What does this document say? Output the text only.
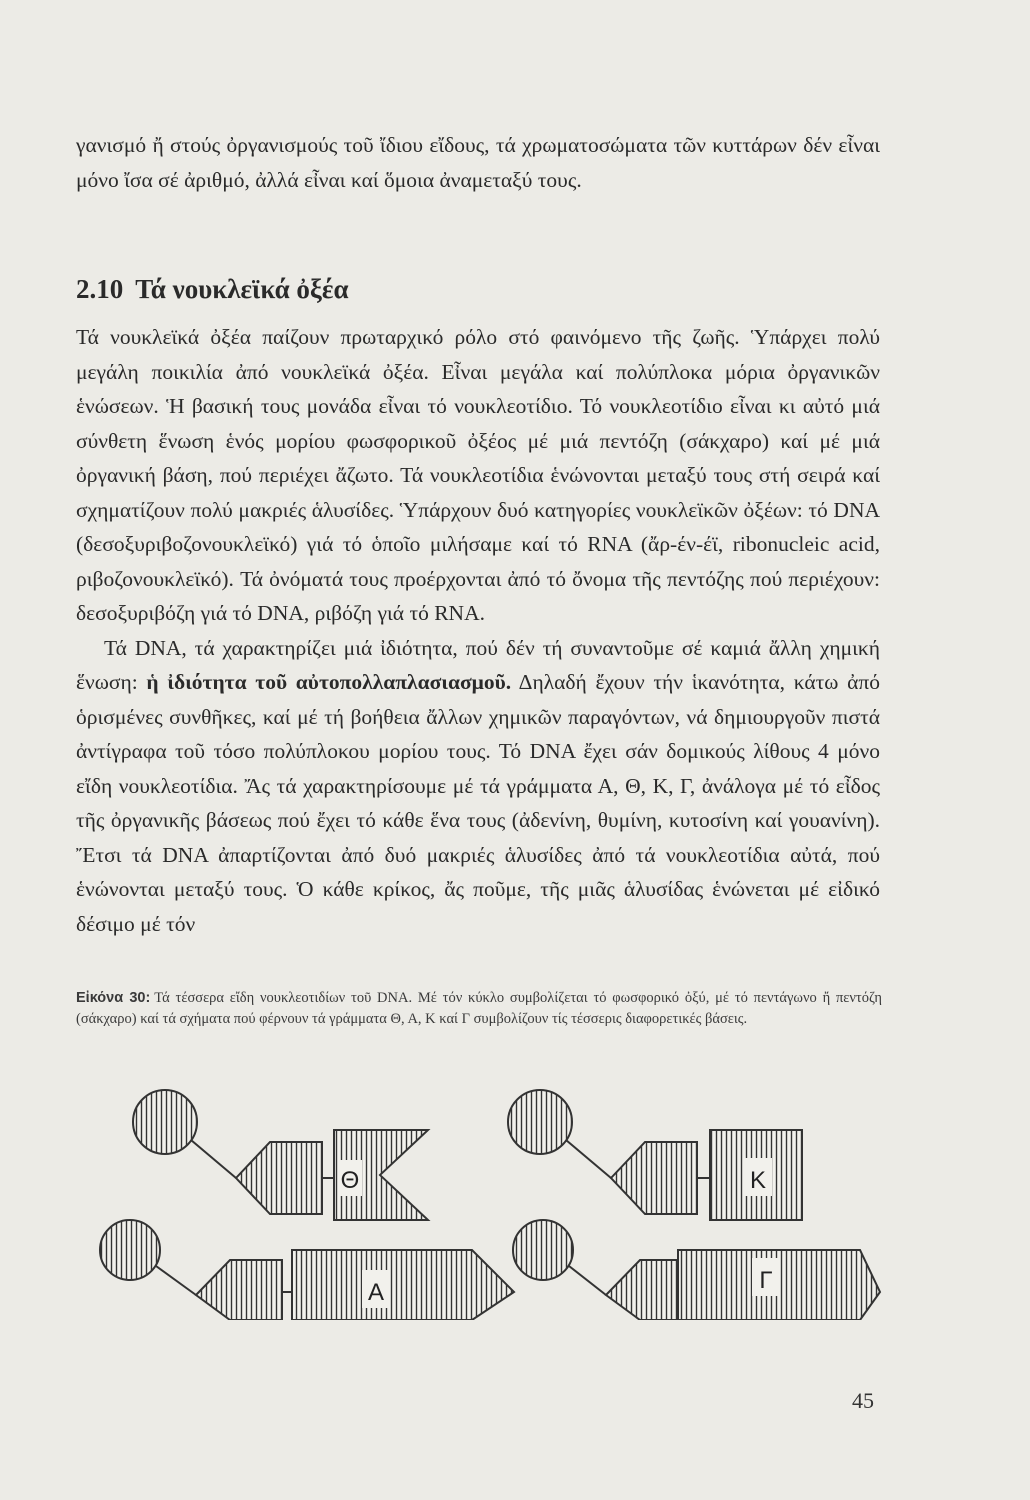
γανισμό ἤ στούς ὀργανισμούς τοῦ ἴδιου εἴδους, τά χρωματοσώματα τῶν κυττάρων δέν εἶναι μόνο ἴσα σέ ἀριθμό, ἀλλά εἶναι καί ὅμοια ἀναμεταξύ τους.

2.10 Τά νουκλεϊκά ὀξέα

Τά νουκλεϊκά ὀξέα παίζουν πρωταρχικό ρόλο στό φαινόμενο τῆς ζωῆς. Ὑπάρχει πολύ μεγάλη ποικιλία ἀπό νουκλεϊκά ὀξέα. Εἶναι μεγάλα καί πολύπλοκα μόρια ὀργανικῶν ἑνώσεων. Ἡ βασική τους μονάδα εἶναι τό νουκλεοτίδιο. Τό νουκλεοτίδιο εἶναι κι αὐτό μιά σύνθετη ἕνωση ἑνός μορίου φωσφορικοῦ ὀξέος μέ μιά πεντόζη (σάκχαρο) καί μέ μιά ὀργανική βάση, πού περιέχει ἄζωτο. Τά νουκλεοτίδια ἑνώνονται μεταξύ τους στή σειρά καί σχηματίζουν πολύ μακριές ἁλυσίδες. Ὑπάρχουν δυό κατηγορίες νουκλεϊκῶν ὀξέων: τό DNA (δεσοξυριβοζονουκλεϊκό) γιά τό ὁποῖο μιλήσαμε καί τό RNA (ἄρ-έν-έϊ, ribonucleic acid, ριβοζονουκλεϊκό). Τά ὀνόματά τους προέρχονται ἀπό τό ὄνομα τῆς πεντόζης πού περιέχουν: δεσοξυριβόζη γιά τό DNA, ριβόζη γιά τό RNA.

Τά DNA, τά χαρακτηρίζει μιά ἰδιότητα, πού δέν τή συναντοῦμε σέ καμιά ἄλλη χημική ἕνωση: ἡ ἰδιότητα τοῦ αὐτοπολλαπλασιασμοῦ. Δηλαδή ἔχουν τήν ἱκανότητα, κάτω ἀπό ὁρισμένες συνθῆκες, καί μέ τή βοήθεια ἄλλων χημικῶν παραγόντων, νά δημιουργοῦν πιστά ἀντίγραφα τοῦ τόσο πολύπλοκου μορίου τους. Τό DNA ἔχει σάν δομικούς λίθους 4 μόνο εἴδη νουκλεοτίδια. Ἄς τά χαρακτηρίσουμε μέ τά γράμματα Α, Θ, Κ, Γ, ἀνάλογα μέ τό εἶδος τῆς ὀργανικῆς βάσεως πού ἔχει τό κάθε ἕνα τους (ἀδενίνη, θυμίνη, κυτοσίνη καί γουανίνη). Ἔτσι τά DNA ἀπαρτίζονται ἀπό δυό μακριές ἁλυσίδες ἀπό τά νουκλεοτίδια αὐτά, πού ἑνώνονται μεταξύ τους. Ὁ κάθε κρίκος, ἄς ποῦμε, τῆς μιᾶς ἁλυσίδας ἑνώνεται μέ εἰδικό δέσιμο μέ τόν

Εἰκόνα 30: Τά τέσσερα εἴδη νουκλεοτιδίων τοῦ DNA. Μέ τόν κύκλο συμβολίζεται τό φωσφορικό ὀξύ, μέ τό πεντάγωνο ἤ πεντόζη (σάκχαρο) καί τά σχήματα πού φέρνουν τά γράμματα Θ, Α, Κ καί Γ συμβολίζουν τίς τέσσερις διαφορετικές βάσεις.
Θ	Κ
Α	Γ
45
